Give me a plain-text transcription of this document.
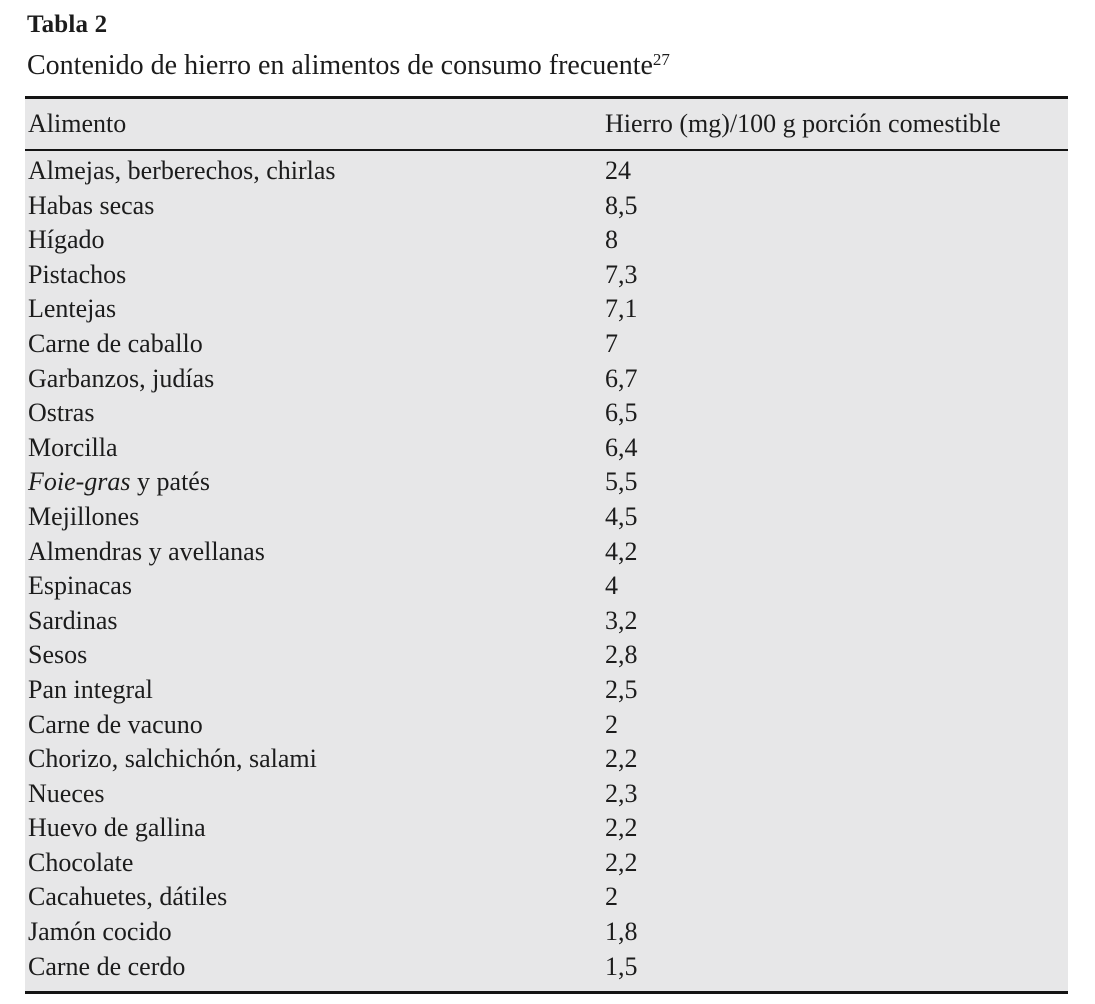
Tabla 2
Contenido de hierro en alimentos de consumo frecuente$^{27}$
Alimento	Hierro (mg)/100 g porción comestible
Almejas, berberechos, chirlas	24
Habas secas	8,5
Hígado	8
Pistachos	7,3
Lentejas	7,1
Carne de caballo	7
Garbanzos, judías	6,7
Ostras	6,5
Morcilla	6,4
Foie-gras y patés	5,5
Mejillones	4,5
Almendras y avellanas	4,2
Espinacas	4
Sardinas	3,2
Sesos	2,8
Pan integral	2,5
Carne de vacuno	2
Chorizo, salchichón, salami	2,2
Nueces	2,3
Huevo de gallina	2,2
Chocolate	2,2
Cacahuetes, dátiles	2
Jamón cocido	1,8
Carne de cerdo	1,5
